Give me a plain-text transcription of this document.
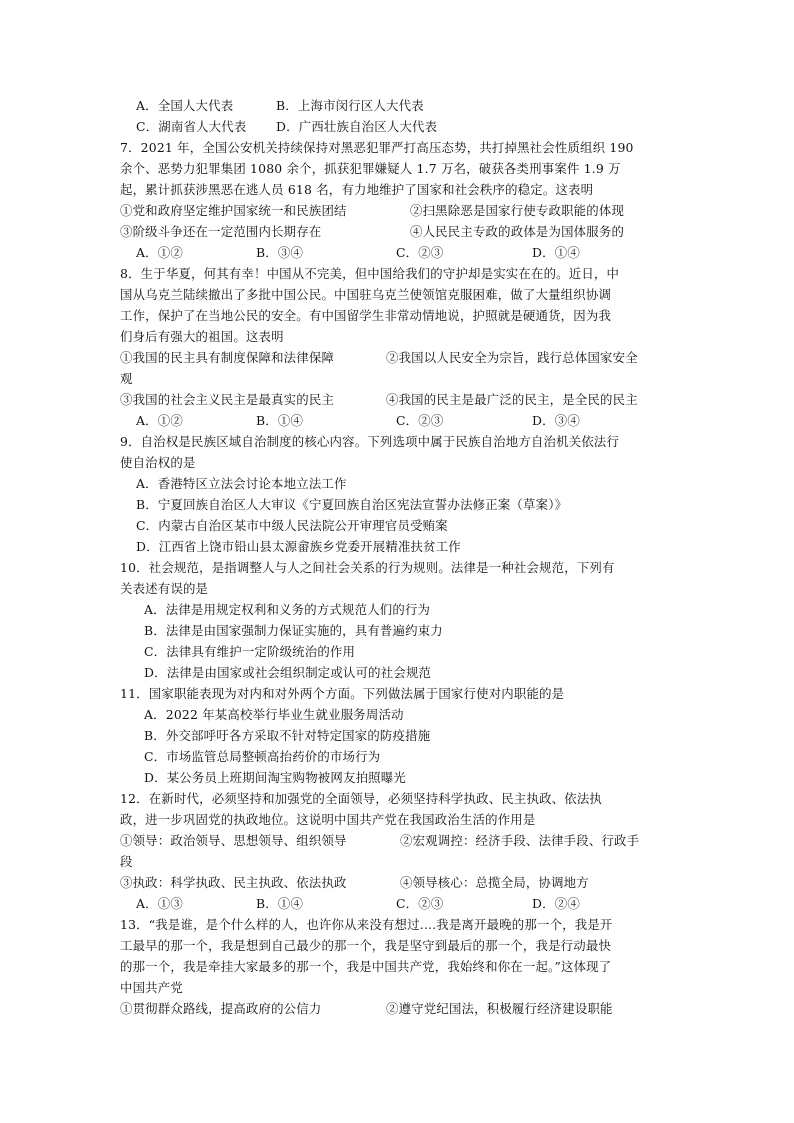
A．全国人大代表	B．上海市闵行区人大代表
C．湖南省人大代表 D．广西壮族自治区人大代表
7．2021 年，全国公安机关持续保持对黑恶犯罪严打高压态势，共打掉黑社会性质组织 190
余个、恶势力犯罪集团 1080 余个，抓获犯罪嫌疑人 1.7 万名，破获各类刑事案件 1.9 万
起，累计抓获涉黑恶在逃人员 618 名，有力地维护了国家和社会秩序的稳定。这表明
①党和政府坚定维护国家统一和民族团结	②扫黑除恶是国家行使专政职能的体现
③阶级斗争还在一定范围内长期存在	④人民民主专政的政体是为国体服务的
A．①②	B．③④	C．②③	D．①④
8．生于华夏，何其有幸！中国从不完美，但中国给我们的守护却是实实在在的。近日，中
国从乌克兰陆续撤出了多批中国公民。中国驻乌克兰使领馆克服困难，做了大量组织协调
工作，保护了在当地公民的安全。有中国留学生非常动情地说，护照就是硬通货，因为我
们身后有强大的祖国。这表明
①我国的民主具有制度保障和法律保障	②我国以人民安全为宗旨，践行总体国家安全
观
③我国的社会主义民主是最真实的民主	④我国的民主是最广泛的民主，是全民的民主
A．①②	B．①④	C．②③	D．③④
9．自治权是民族区域自治制度的核心内容。下列选项中属于民族自治地方自治机关依法行
使自治权的是
A．香港特区立法会讨论本地立法工作
B．宁夏回族自治区人大审议《宁夏回族自治区宪法宣誓办法修正案（草案）》
C．内蒙古自治区某市中级人民法院公开审理官员受贿案
D．江西省上饶市铅山县太源畲族乡党委开展精准扶贫工作
10．社会规范，是指调整人与人之间社会关系的行为规则。法律是一种社会规范，下列有
关表述有误的是
A．法律是用规定权利和义务的方式规范人们的行为
B．法律是由国家强制力保证实施的，具有普遍约束力
C．法律具有维护一定阶级统治的作用
D．法律是由国家或社会组织制定或认可的社会规范
11．国家职能表现为对内和对外两个方面。下列做法属于国家行使对内职能的是
A．2022 年某高校举行毕业生就业服务周活动
B．外交部呼吁各方采取不针对特定国家的防疫措施
C．市场监管总局整顿高抬药价的市场行为
D．某公务员上班期间淘宝购物被网友拍照曝光
12．在新时代，必须坚持和加强党的全面领导，必须坚持科学执政、民主执政、依法执
政，进一步巩固党的执政地位。这说明中国共产党在我国政治生活的作用是
①领导：政治领导、思想领导、组织领导	②宏观调控：经济手段、法律手段、行政手
段
③执政：科学执政、民主执政、依法执政	④领导核心：总揽全局，协调地方
A．①③	B．①④	C．②③	D．②④
13．“我是谁，是个什么样的人，也许你从来没有想过....我是离开最晚的那一个，我是开
工最早的那一个，我是想到自己最少的那一个，我是坚守到最后的那一个，我是行动最快
的那一个，我是牵挂大家最多的那一个，我是中国共产党，我始终和你在一起。”这体现了
中国共产党
①贯彻群众路线，提高政府的公信力	②遵守党纪国法，积极履行经济建设职能
